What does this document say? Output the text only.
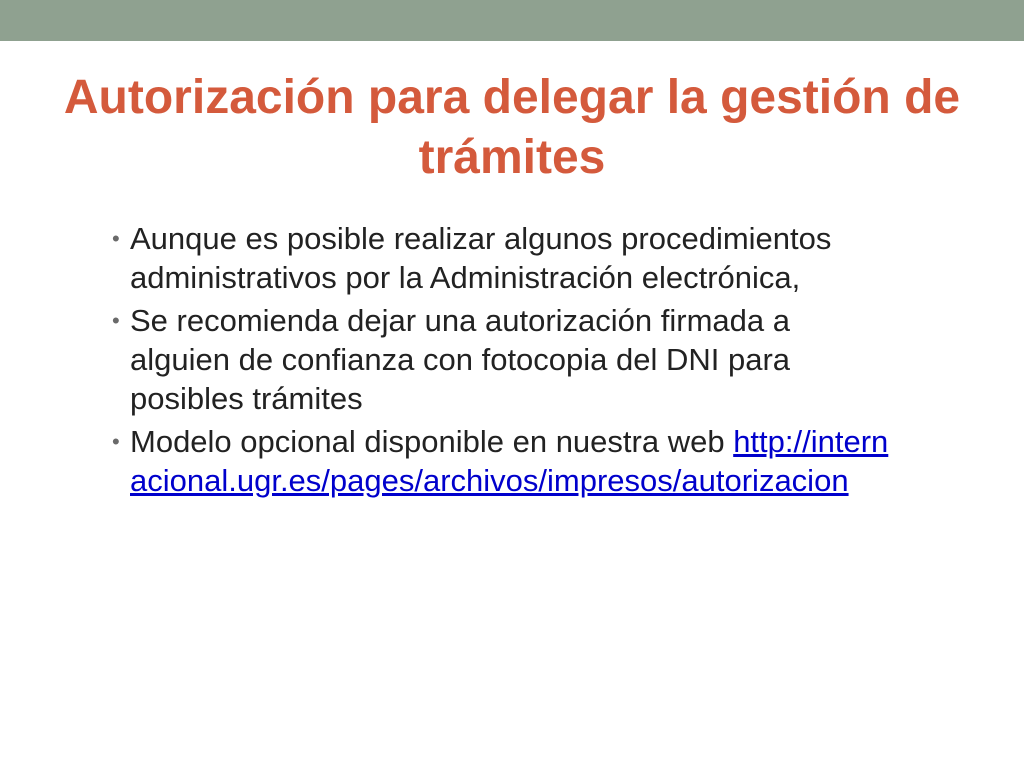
Autorización para delegar la gestión de trámites
• Aunque es posible realizar algunos procedimientos administrativos por la Administración electrónica,
• Se recomienda dejar una autorización firmada a alguien de confianza con fotocopia del DNI para posibles trámites
• Modelo opcional disponible en nuestra web http://internacional.ugr.es/pages/archivos/impresos/autorizacion
